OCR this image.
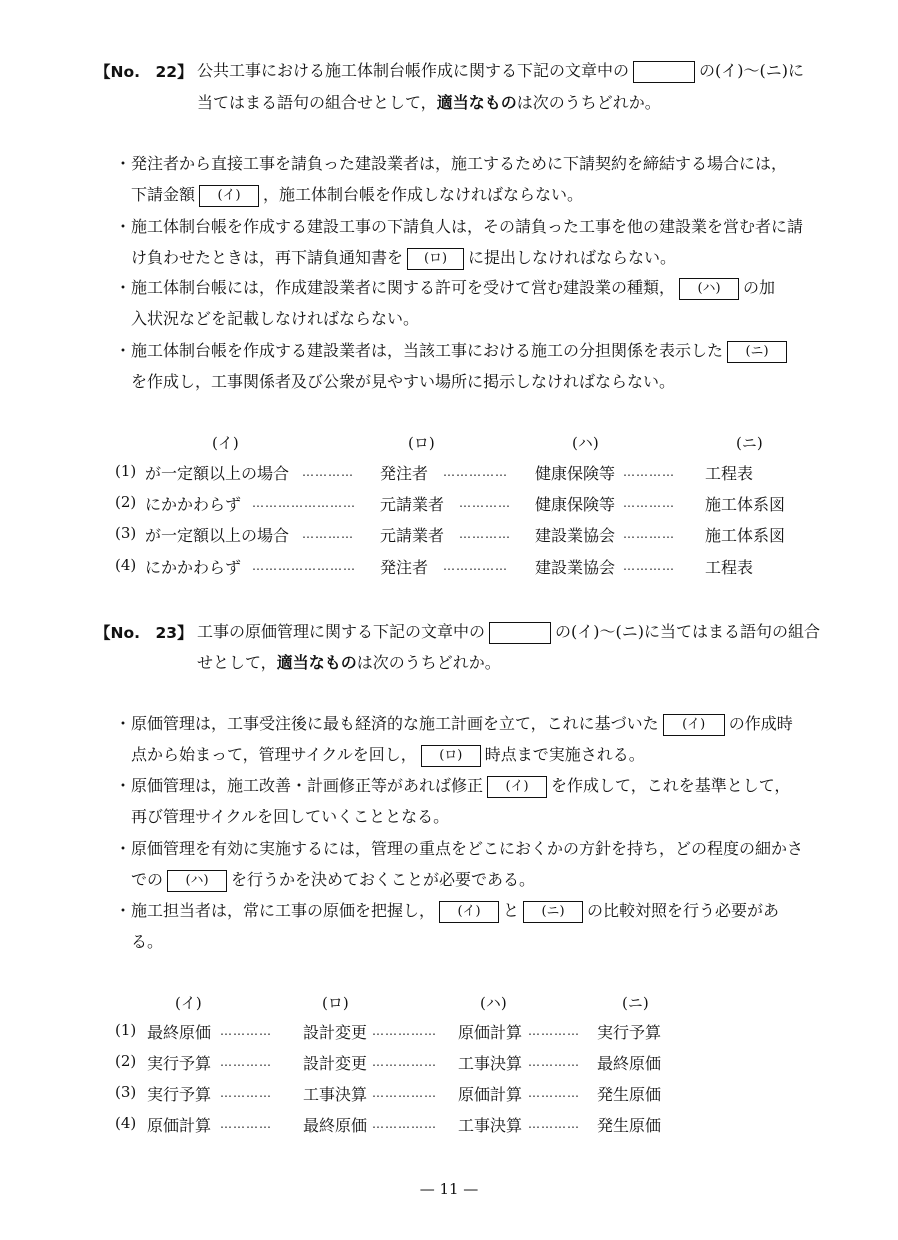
【No.　22】 公共工事における施工体制台帳作成に関する下記の文章中の	の(イ)～(ニ)に
当てはまる語句の組合せとして，適当なものは次のうちどれか。
・ 発注者から直接工事を請負った建設業者は，施工するために下請契約を締結する場合には，
下請金額 (イ) ，施工体制台帳を作成しなければならない。
・ 施工体制台帳を作成する建設工事の下請負人は，その請負った工事を他の建設業を営む者に請
け負わせたときは，再下請負通知書を (ロ) に提出しなければならない。
・ 施工体制台帳には，作成建設業者に関する許可を受けて営む建設業の種類， (ハ) の加
入状況などを記載しなければならない。
・ 施工体制台帳を作成する建設業者は，当該工事における施工の分担関係を表示した (ニ)
を作成し，工事関係者及び公衆が見やすい場所に掲示しなければならない。
(イ)	(ロ)	(ハ)	(ニ)
(1) が一定額以上の場合 ………… 発注者 …………… 健康保険等 ………… 工程表
(2) にかかわらず …………………… 元請業者 ………… 健康保険等 ………… 施工体系図
(3) が一定額以上の場合 ………… 元請業者 ………… 建設業協会 ………… 施工体系図
(4) にかかわらず …………………… 発注者 …………… 建設業協会 ………… 工程表
【No.　23】 工事の原価管理に関する下記の文章中の	の(イ)～(ニ)に当てはまる語句の組合
せとして，適当なものは次のうちどれか。
・ 原価管理は，工事受注後に最も経済的な施工計画を立て，これに基づいた (イ) の作成時
点から始まって，管理サイクルを回し， (ロ) 時点まで実施される。
・ 原価管理は，施工改善・計画修正等があれば修正 (イ) を作成して，これを基準として，
再び管理サイクルを回していくこととなる。
・ 原価管理を有効に実施するには，管理の重点をどこにおくかの方針を持ち，どの程度の細かさ
での (ハ) を行うかを決めておくことが必要である。
・ 施工担当者は，常に工事の原価を把握し， (イ) と (ニ) の比較対照を行う必要があ
る。
(イ)	(ロ)	(ハ)	(ニ)
(1) 最終原価 ………… 設計変更 …………… 原価計算 ………… 実行予算
(2) 実行予算 ………… 設計変更 …………… 工事決算 ………… 最終原価
(3) 実行予算 ………… 工事決算 …………… 原価計算 ………… 発生原価
(4) 原価計算 ………… 最終原価 …………… 工事決算 ………… 発生原価
— 11 —
